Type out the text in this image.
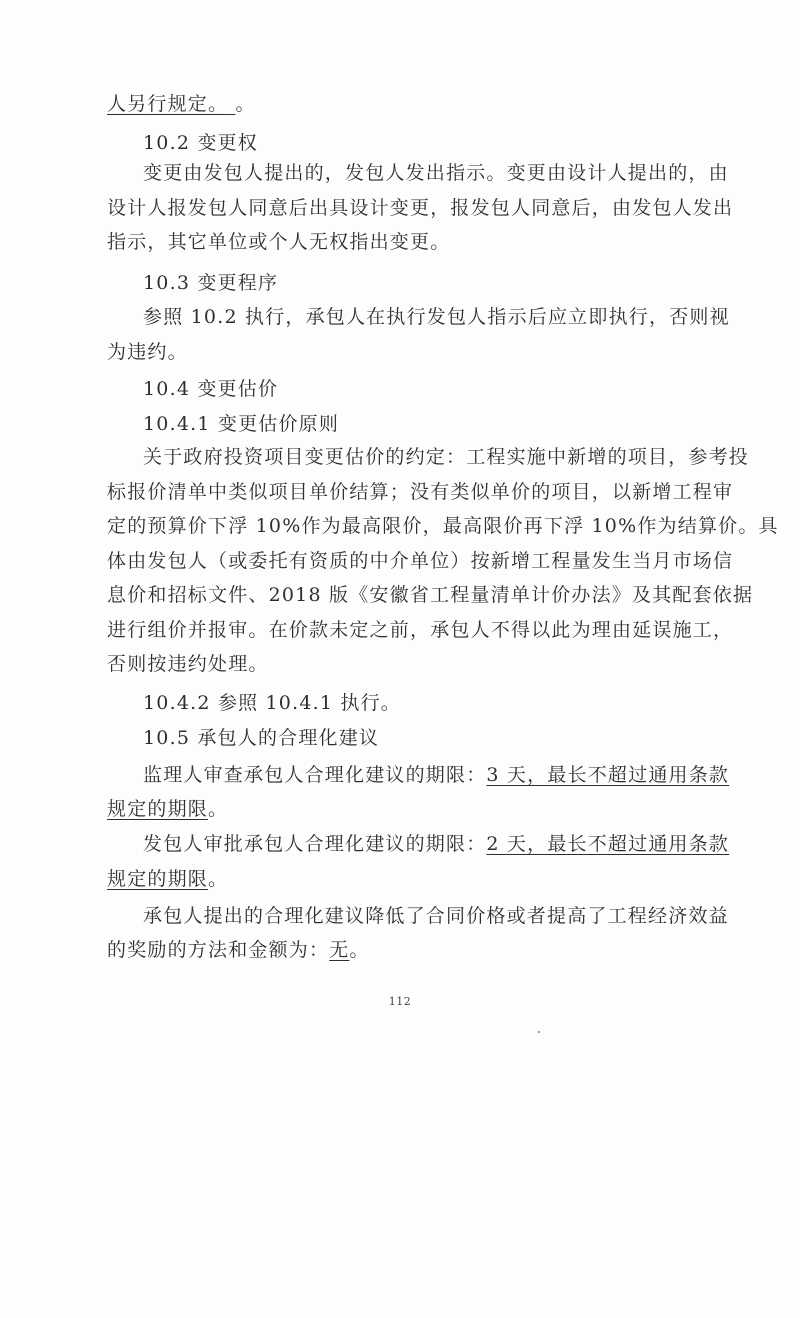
人另行规定。 。
10.2 变更权
变更由发包人提出的，发包人发出指示。变更由设计人提出的，由
设计人报发包人同意后出具设计变更，报发包人同意后，由发包人发出
指示，其它单位或个人无权指出变更。
10.3 变更程序
参照 10.2 执行，承包人在执行发包人指示后应立即执行，否则视
为违约。
10.4 变更估价
10.4.1 变更估价原则
关于政府投资项目变更估价的约定：工程实施中新增的项目，参考投
标报价清单中类似项目单价结算；没有类似单价的项目，以新增工程审
定的预算价下浮 10%作为最高限价，最高限价再下浮 10%作为结算价。具
体由发包人（或委托有资质的中介单位）按新增工程量发生当月市场信
息价和招标文件、2018 版《安徽省工程量清单计价办法》及其配套依据
进行组价并报审。在价款未定之前，承包人不得以此为理由延误施工，
否则按违约处理。
10.4.2 参照 10.4.1 执行。
10.5 承包人的合理化建议
监理人审查承包人合理化建议的期限：3 天，最长不超过通用条款
规定的期限。
发包人审批承包人合理化建议的期限：2 天，最长不超过通用条款
规定的期限。
承包人提出的合理化建议降低了合同价格或者提高了工程经济效益
的奖励的方法和金额为：无。
112
